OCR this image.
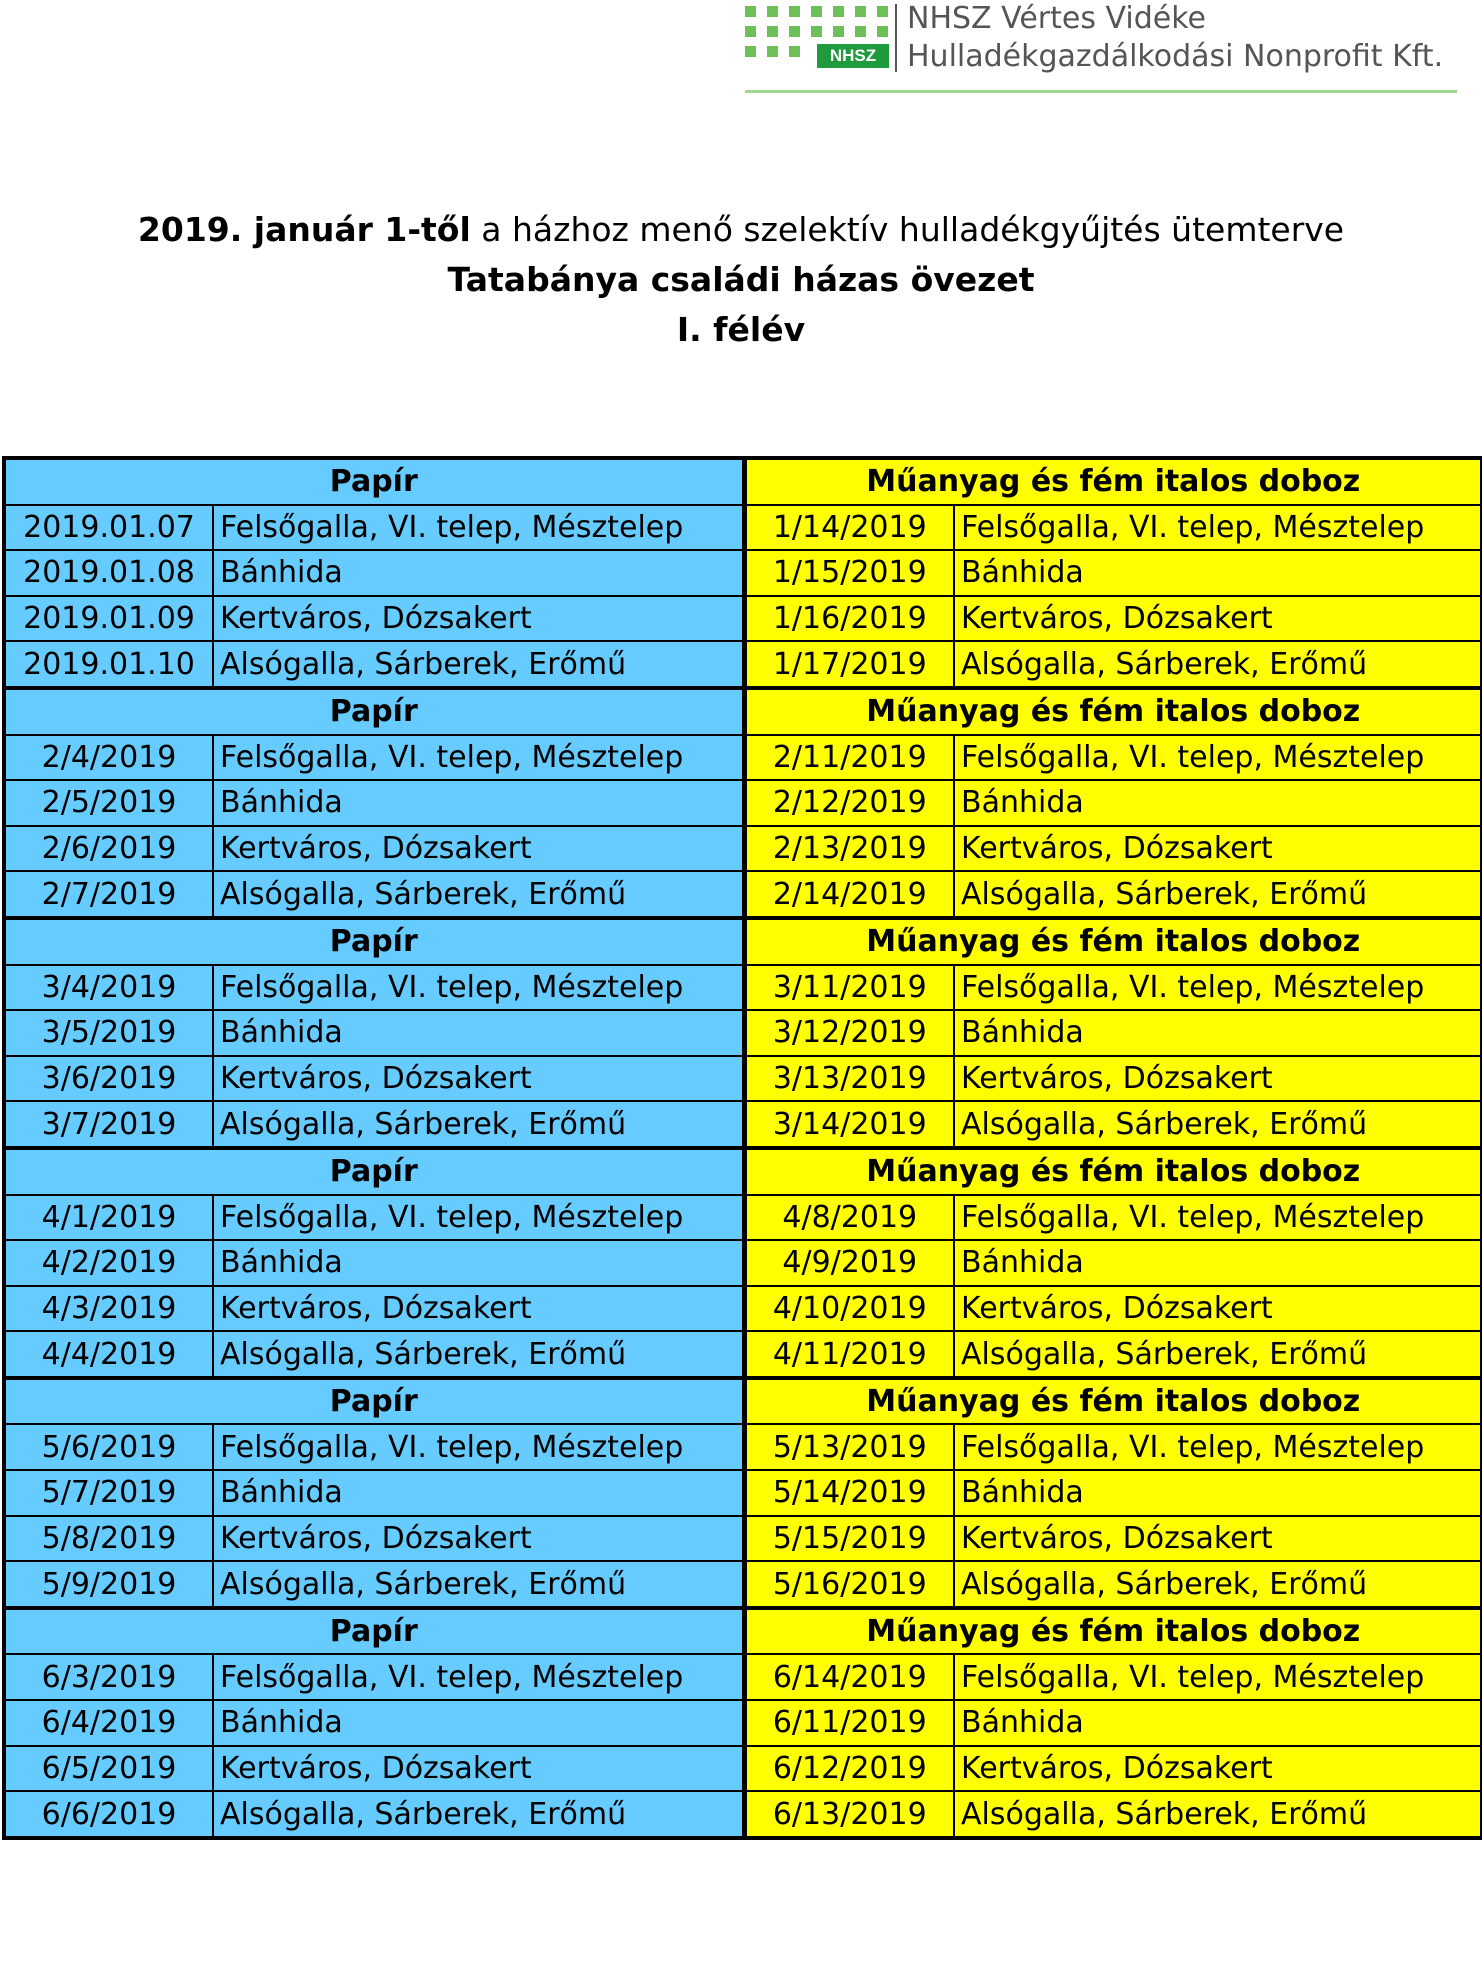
NHSZ
NHSZ Vértes Vidéke
Hulladékgazdálkodási Nonprofit Kft.
2019. január 1-től a házhoz menő szelektív hulladékgyűjtés ütemterve
Tatabánya családi házas övezet
I. félév
Papír		Műanyag és fém italos doboz	
2019.01.07	Felsőgalla, VI. telep, Mésztelep	1/14/2019	Felsőgalla, VI. telep, Mésztelep
2019.01.08	Bánhida	1/15/2019	Bánhida
2019.01.09	Kertváros, Dózsakert	1/16/2019	Kertváros, Dózsakert
2019.01.10	Alsógalla, Sárberek, Erőmű	1/17/2019	Alsógalla, Sárberek, Erőmű
Papír		Műanyag és fém italos doboz	
2/4/2019	Felsőgalla, VI. telep, Mésztelep	2/11/2019	Felsőgalla, VI. telep, Mésztelep
2/5/2019	Bánhida	2/12/2019	Bánhida
2/6/2019	Kertváros, Dózsakert	2/13/2019	Kertváros, Dózsakert
2/7/2019	Alsógalla, Sárberek, Erőmű	2/14/2019	Alsógalla, Sárberek, Erőmű
Papír		Műanyag és fém italos doboz	
3/4/2019	Felsőgalla, VI. telep, Mésztelep	3/11/2019	Felsőgalla, VI. telep, Mésztelep
3/5/2019	Bánhida	3/12/2019	Bánhida
3/6/2019	Kertváros, Dózsakert	3/13/2019	Kertváros, Dózsakert
3/7/2019	Alsógalla, Sárberek, Erőmű	3/14/2019	Alsógalla, Sárberek, Erőmű
Papír		Műanyag és fém italos doboz	
4/1/2019	Felsőgalla, VI. telep, Mésztelep	4/8/2019	Felsőgalla, VI. telep, Mésztelep
4/2/2019	Bánhida	4/9/2019	Bánhida
4/3/2019	Kertváros, Dózsakert	4/10/2019	Kertváros, Dózsakert
4/4/2019	Alsógalla, Sárberek, Erőmű	4/11/2019	Alsógalla, Sárberek, Erőmű
Papír		Műanyag és fém italos doboz	
5/6/2019	Felsőgalla, VI. telep, Mésztelep	5/13/2019	Felsőgalla, VI. telep, Mésztelep
5/7/2019	Bánhida	5/14/2019	Bánhida
5/8/2019	Kertváros, Dózsakert	5/15/2019	Kertváros, Dózsakert
5/9/2019	Alsógalla, Sárberek, Erőmű	5/16/2019	Alsógalla, Sárberek, Erőmű
Papír		Műanyag és fém italos doboz	
6/3/2019	Felsőgalla, VI. telep, Mésztelep	6/14/2019	Felsőgalla, VI. telep, Mésztelep
6/4/2019	Bánhida	6/11/2019	Bánhida
6/5/2019	Kertváros, Dózsakert	6/12/2019	Kertváros, Dózsakert
6/6/2019	Alsógalla, Sárberek, Erőmű	6/13/2019	Alsógalla, Sárberek, Erőmű
